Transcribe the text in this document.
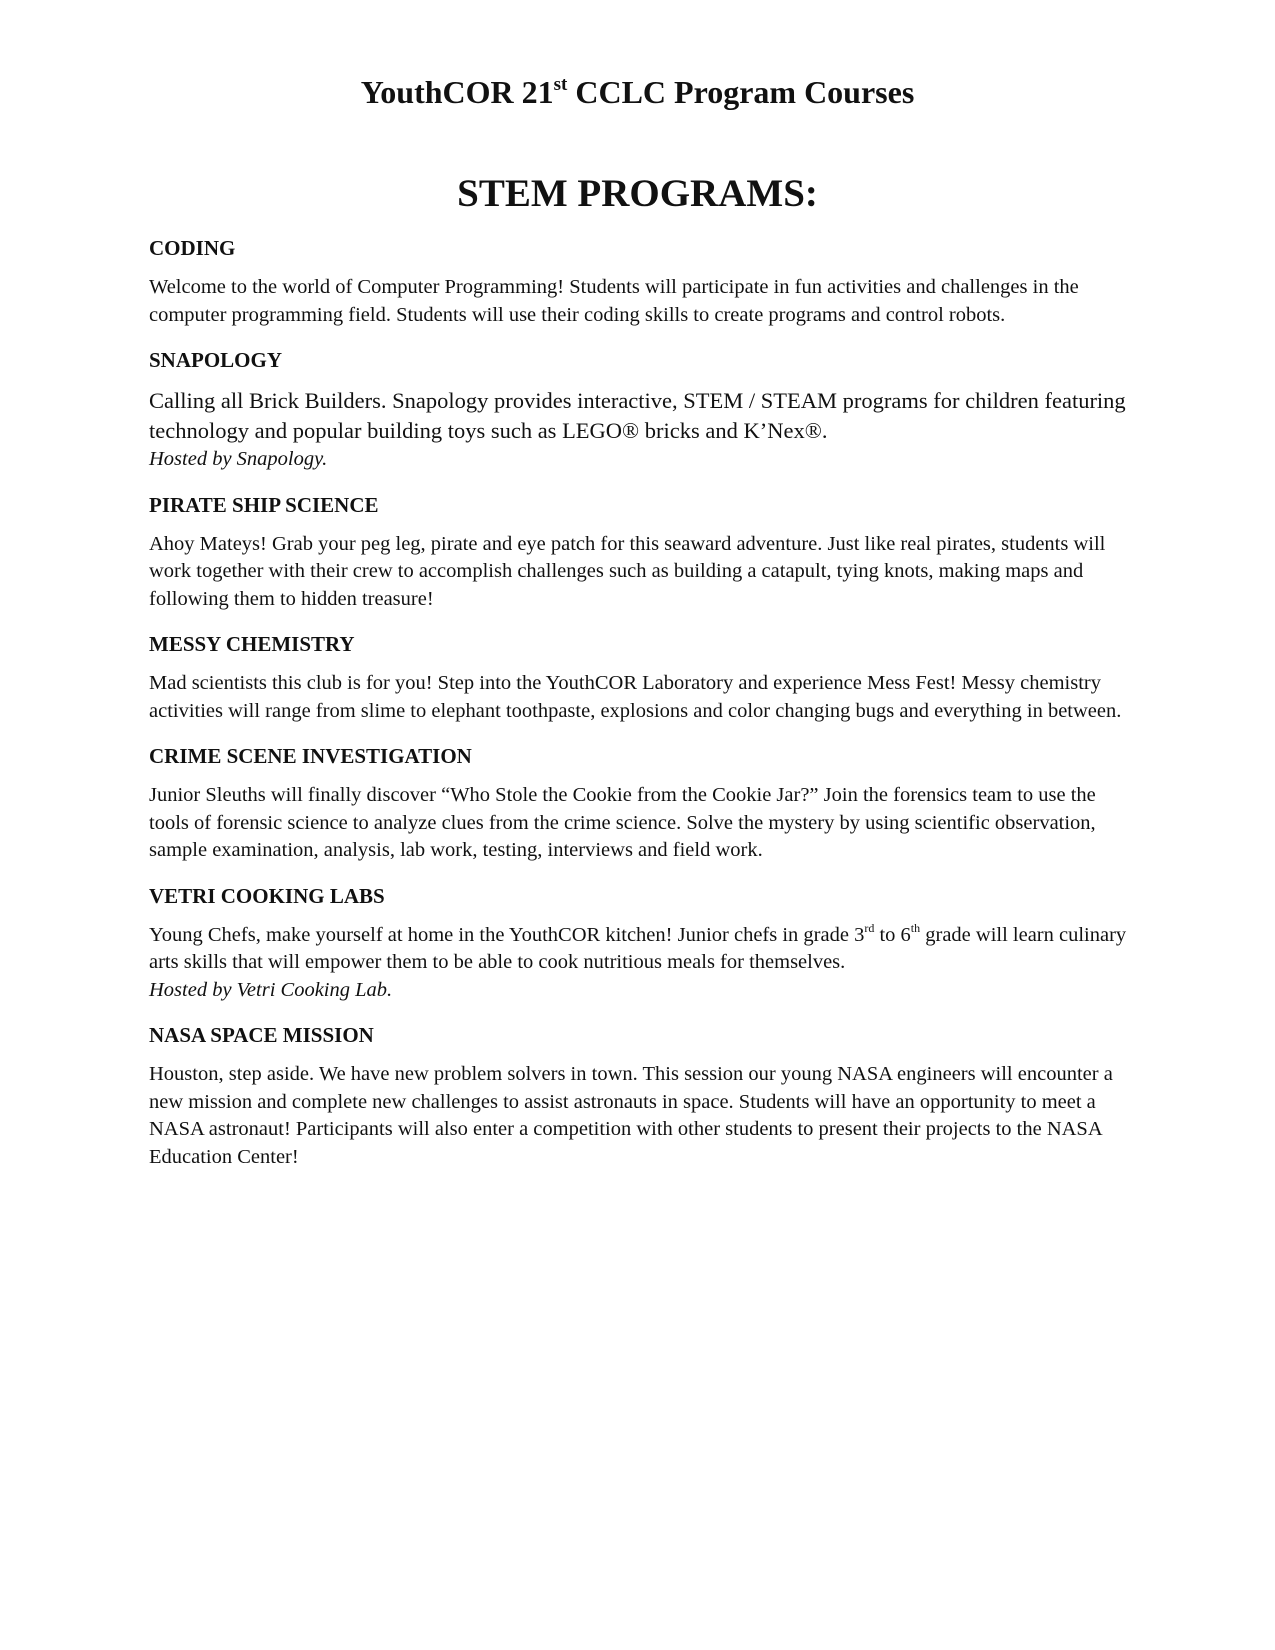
YouthCOR 21st CCLC Program Courses
STEM PROGRAMS:

CODING

Welcome to the world of Computer Programming! Students will participate in fun activities and challenges in the computer programming field. Students will use their coding skills to create programs and control robots.

SNAPOLOGY

Calling all Brick Builders. Snapology provides interactive, STEM / STEAM programs for children featuring technology and popular building toys such as LEGO® bricks and K’Nex®.

Hosted by Snapology.

PIRATE SHIP SCIENCE

Ahoy Mateys! Grab your peg leg, pirate and eye patch for this seaward adventure. Just like real pirates, students will work together with their crew to accomplish challenges such as building a catapult, tying knots, making maps and following them to hidden treasure!

MESSY CHEMISTRY

Mad scientists this club is for you! Step into the YouthCOR Laboratory and experience Mess Fest! Messy chemistry activities will range from slime to elephant toothpaste, explosions and color changing bugs and everything in between.

CRIME SCENE INVESTIGATION

Junior Sleuths will finally discover “Who Stole the Cookie from the Cookie Jar?” Join the forensics team to use the tools of forensic science to analyze clues from the crime science. Solve the mystery by using scientific observation, sample examination, analysis, lab work, testing, interviews and field work.

VETRI COOKING LABS

Young Chefs, make yourself at home in the YouthCOR kitchen! Junior chefs in grade 3rd to 6th grade will learn culinary arts skills that will empower them to be able to cook nutritious meals for themselves.

Hosted by Vetri Cooking Lab.

NASA SPACE MISSION

Houston, step aside. We have new problem solvers in town. This session our young NASA engineers will encounter a new mission and complete new challenges to assist astronauts in space. Students will have an opportunity to meet a NASA astronaut! Participants will also enter a competition with other students to present their projects to the NASA Education Center!
